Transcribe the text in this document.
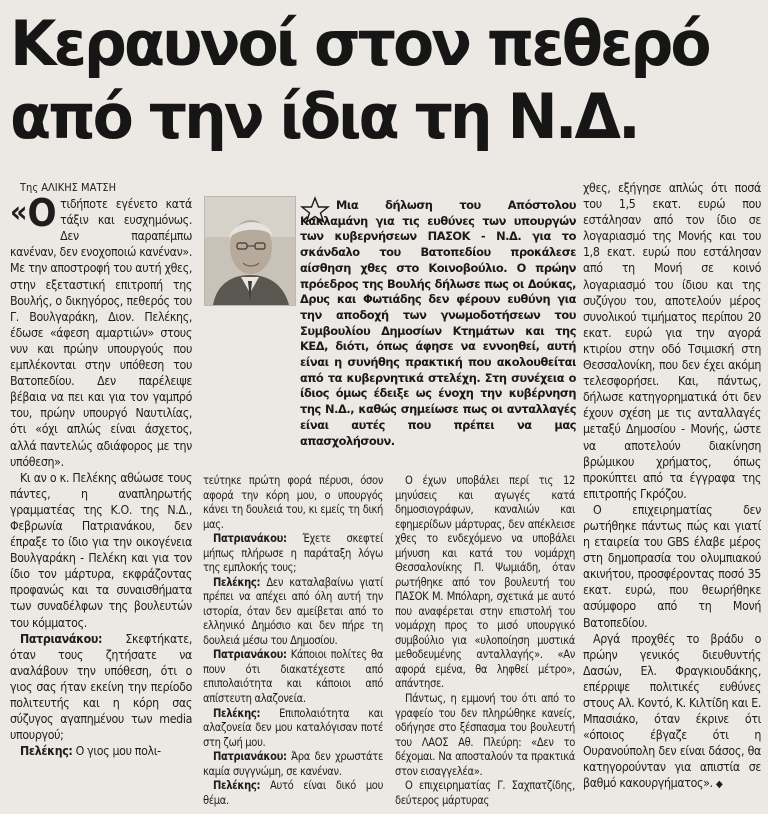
Κεραυνοί στον πεθερό
από την ίδια τη Ν.Δ.

Της ΑΛΙΚΗΣ ΜΑΤΣΗ

« Ο τιδήποτε εγένετο κατά τάξιν και ευσχημόνως. Δεν παραπέμπω κανέναν, δεν ενοχοποιώ κανέναν». Με την αποστροφή του αυτή χθες, στην εξεταστική επιτροπή της Βουλής, ο δικηγόρος, πεθερός του Γ. Βουλγαράκη, Διον. Πελέκης, έδωσε «άφεση αμαρτιών» στους νυν και πρώην υπουργούς που εμπλέκονται στην υπόθεση του Βατοπεδίου. Δεν παρέλειψε βέβαια να πει και για τον γαμπρό του, πρώην υπουργό Ναυτιλίας, ότι «όχι απλώς είναι άσχετος, αλλά παντελώς αδιάφορος με την υπόθεση».

Κι αν ο κ. Πελέκης αθώωσε τους πάντες, η αναπληρωτής γραμματέας της Κ.Ο. της Ν.Δ., Φεβρωνία Πατριανάκου, δεν έπραξε το ίδιο για την οικογένεια Βουλγαράκη - Πελέκη και για τον ίδιο τον μάρτυρα, εκφράζοντας προφανώς και τα συναισθήματα των συναδέλφων της βουλευτών του κόμματος.

Πατριανάκου: Σκεφτήκατε, όταν τους ζητήσατε να αναλάβουν την υπόθεση, ότι ο γιος σας ήταν εκείνη την περίοδο πολιτευτής και η κόρη σας σύζυγος αγαπημένου των media υπουργού;

Πελέκης: Ο γιος μου πολι-

Μια δήλωση του Απόστολου Κακλαμάνη για τις ευθύνες των υπουργών των κυβερνήσεων ΠΑΣΟΚ - Ν.Δ. για το σκάνδαλο του Βατοπεδίου προκάλεσε αίσθηση χθες στο Κοινοβούλιο. Ο πρώην πρόεδρος της Βουλής δήλωσε πως οι Δούκας, Δρυς και Φωτιάδης δεν φέρουν ευθύνη για την αποδοχή των γνωμοδοτήσεων του Συμβουλίου Δημοσίων Κτημάτων και της ΚΕΔ, διότι, όπως άφησε να εννοηθεί, αυτή είναι η συνήθης πρακτική που ακολουθείται από τα κυβερνητικά στελέχη. Στη συνέχεια ο ίδιος όμως έδειξε ως ένοχη την κυβέρνηση της Ν.Δ., καθώς σημείωσε πως οι ανταλλαγές είναι αυτές που πρέπει να μας απασχολήσουν.

τεύτηκε πρώτη φορά πέρυσι, όσον αφορά την κόρη μου, ο υπουργός κάνει τη δουλειά του, κι εμείς τη δική μας.

Πατριανάκου: Έχετε σκεφτεί μήπως πλήρωσε η παράταξη λόγω της εμπλοκής τους;

Πελέκης: Δεν καταλαβαίνω γιατί πρέπει να απέχει από όλη αυτή την ιστορία, όταν δεν αμείβεται από το ελληνικό Δημόσιο και δεν πήρε τη δουλειά μέσω του Δημοσίου.

Πατριανάκου: Κάποιοι πολίτες θα πουν ότι διακατέχεστε από επιπολαιότητα και κάποιοι από απίστευτη αλαζονεία.

Πελέκης: Επιπολαιότητα και αλαζονεία δεν μου καταλόγισαν ποτέ στη ζωή μου.

Πατριανάκου: Άρα δεν χρωστάτε καμία συγγνώμη, σε κανέναν.

Πελέκης: Αυτό είναι δικό μου θέμα.

Ο έχων υποβάλει περί τις 12 μηνύσεις και αγωγές κατά δημοσιογράφων, καναλιών και εφημερίδων μάρτυρας, δεν απέκλεισε χθες το ενδεχόμενο να υποβάλει μήνυση και κατά του νομάρχη Θεσσαλονίκης Π. Ψωμιάδη, όταν ρωτήθηκε από τον βουλευτή του ΠΑΣΟΚ Μ. Μπόλαρη, σχετικά με αυτό που αναφέρεται στην επιστολή του νομάρχη προς το μισό υπουργικό συμβούλιο για «υλοποίηση μυστικά μεθοδευμένης ανταλλαγής». «Αν αφορά εμένα, θα ληφθεί μέτρο», απάντησε.

Πάντως, η εμμονή του ότι από το γραφείο του δεν πληρώθηκε κανείς, οδήγησε στο ξέσπασμα του βουλευτή του ΛΑΟΣ Αθ. Πλεύρη: «Δεν το δέχομαι. Να αποσταλούν τα πρακτικά στον εισαγγελέα».

Ο επιχειρηματίας Γ. Σαχπατζίδης, δεύτερος μάρτυρας

χθες, εξήγησε απλώς ότι ποσά του 1,5 εκατ. ευρώ που εστάλησαν από τον ίδιο σε λογαριασμό της Μονής και του 1,8 εκατ. ευρώ που εστάλησαν από τη Μονή σε κοινό λογαριασμό του ίδιου και της συζύγου του, αποτελούν μέρος συνολικού τιμήματος περίπου 20 εκατ. ευρώ για την αγορά κτιρίου στην οδό Τσιμισκή στη Θεσσαλονίκη, που δεν έχει ακόμη τελεσφορήσει. Και, πάντως, δήλωσε κατηγορηματικά ότι δεν έχουν σχέση με τις ανταλλαγές μεταξύ Δημοσίου - Μονής, ώστε να αποτελούν διακίνηση βρώμικου χρήματος, όπως προκύπτει από τα έγγραφα της επιτροπής Γκρόζου.

Ο επιχειρηματίας δεν ρωτήθηκε πάντως πώς και γιατί η εταιρεία του GBS έλαβε μέρος στη δημοπρασία του ολυμπιακού ακινήτου, προσφέροντας ποσό 35 εκατ. ευρώ, που θεωρήθηκε ασύμφορο από τη Μονή Βατοπεδίου.

Αργά προχθές το βράδυ ο πρώην γενικός διευθυντής Δασών, Ελ. Φραγκιουδάκης, επέρριψε πολιτικές ευθύνες στους Αλ. Κοντό, Κ. Κιλτίδη και Ε. Μπασιάκο, όταν έκρινε ότι «όποιος έβγαζε ότι η Ουρανούπολη δεν είναι δάσος, θα κατηγορούνταν για απιστία σε βαθμό κακουργήματος». ◆
